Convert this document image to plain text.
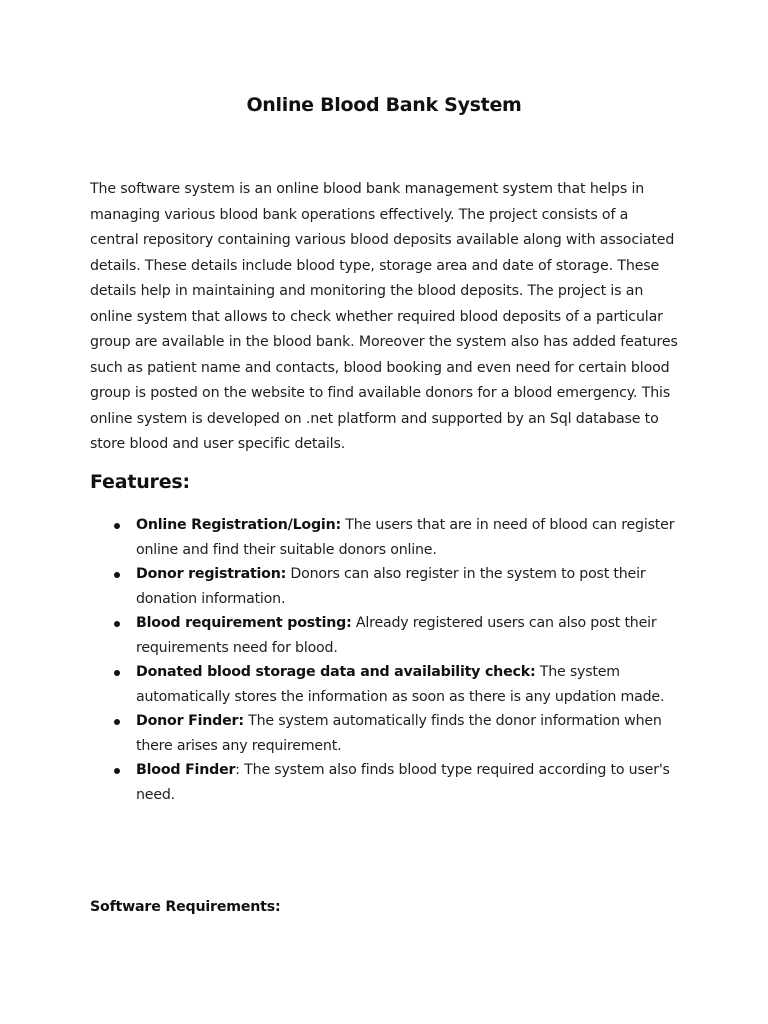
Online Blood Bank System

The software system is an online blood bank management system that helps in managing various blood bank operations effectively. The project consists of a central repository containing various blood deposits available along with associated details. These details include blood type, storage area and date of storage. These details help in maintaining and monitoring the blood deposits. The project is an online system that allows to check whether required blood deposits of a particular group are available in the blood bank. Moreover the system also has added features such as patient name and contacts, blood booking and even need for certain blood group is posted on the website to find available donors for a blood emergency. This online system is developed on .net platform and supported by an Sql database to store blood and user specific details.

Features:
Online Registration/Login: The users that are in need of blood can register online and find their suitable donors online.
Donor registration: Donors can also register in the system to post their donation information.
Blood requirement posting: Already registered users can also post their requirements need for blood.
Donated blood storage data and availability check: The system automatically stores the information as soon as there is any updation made.
Donor Finder: The system automatically finds the donor information when there arises any requirement.
Blood Finder: The system also finds blood type required according to user's need.
Software Requirements:
